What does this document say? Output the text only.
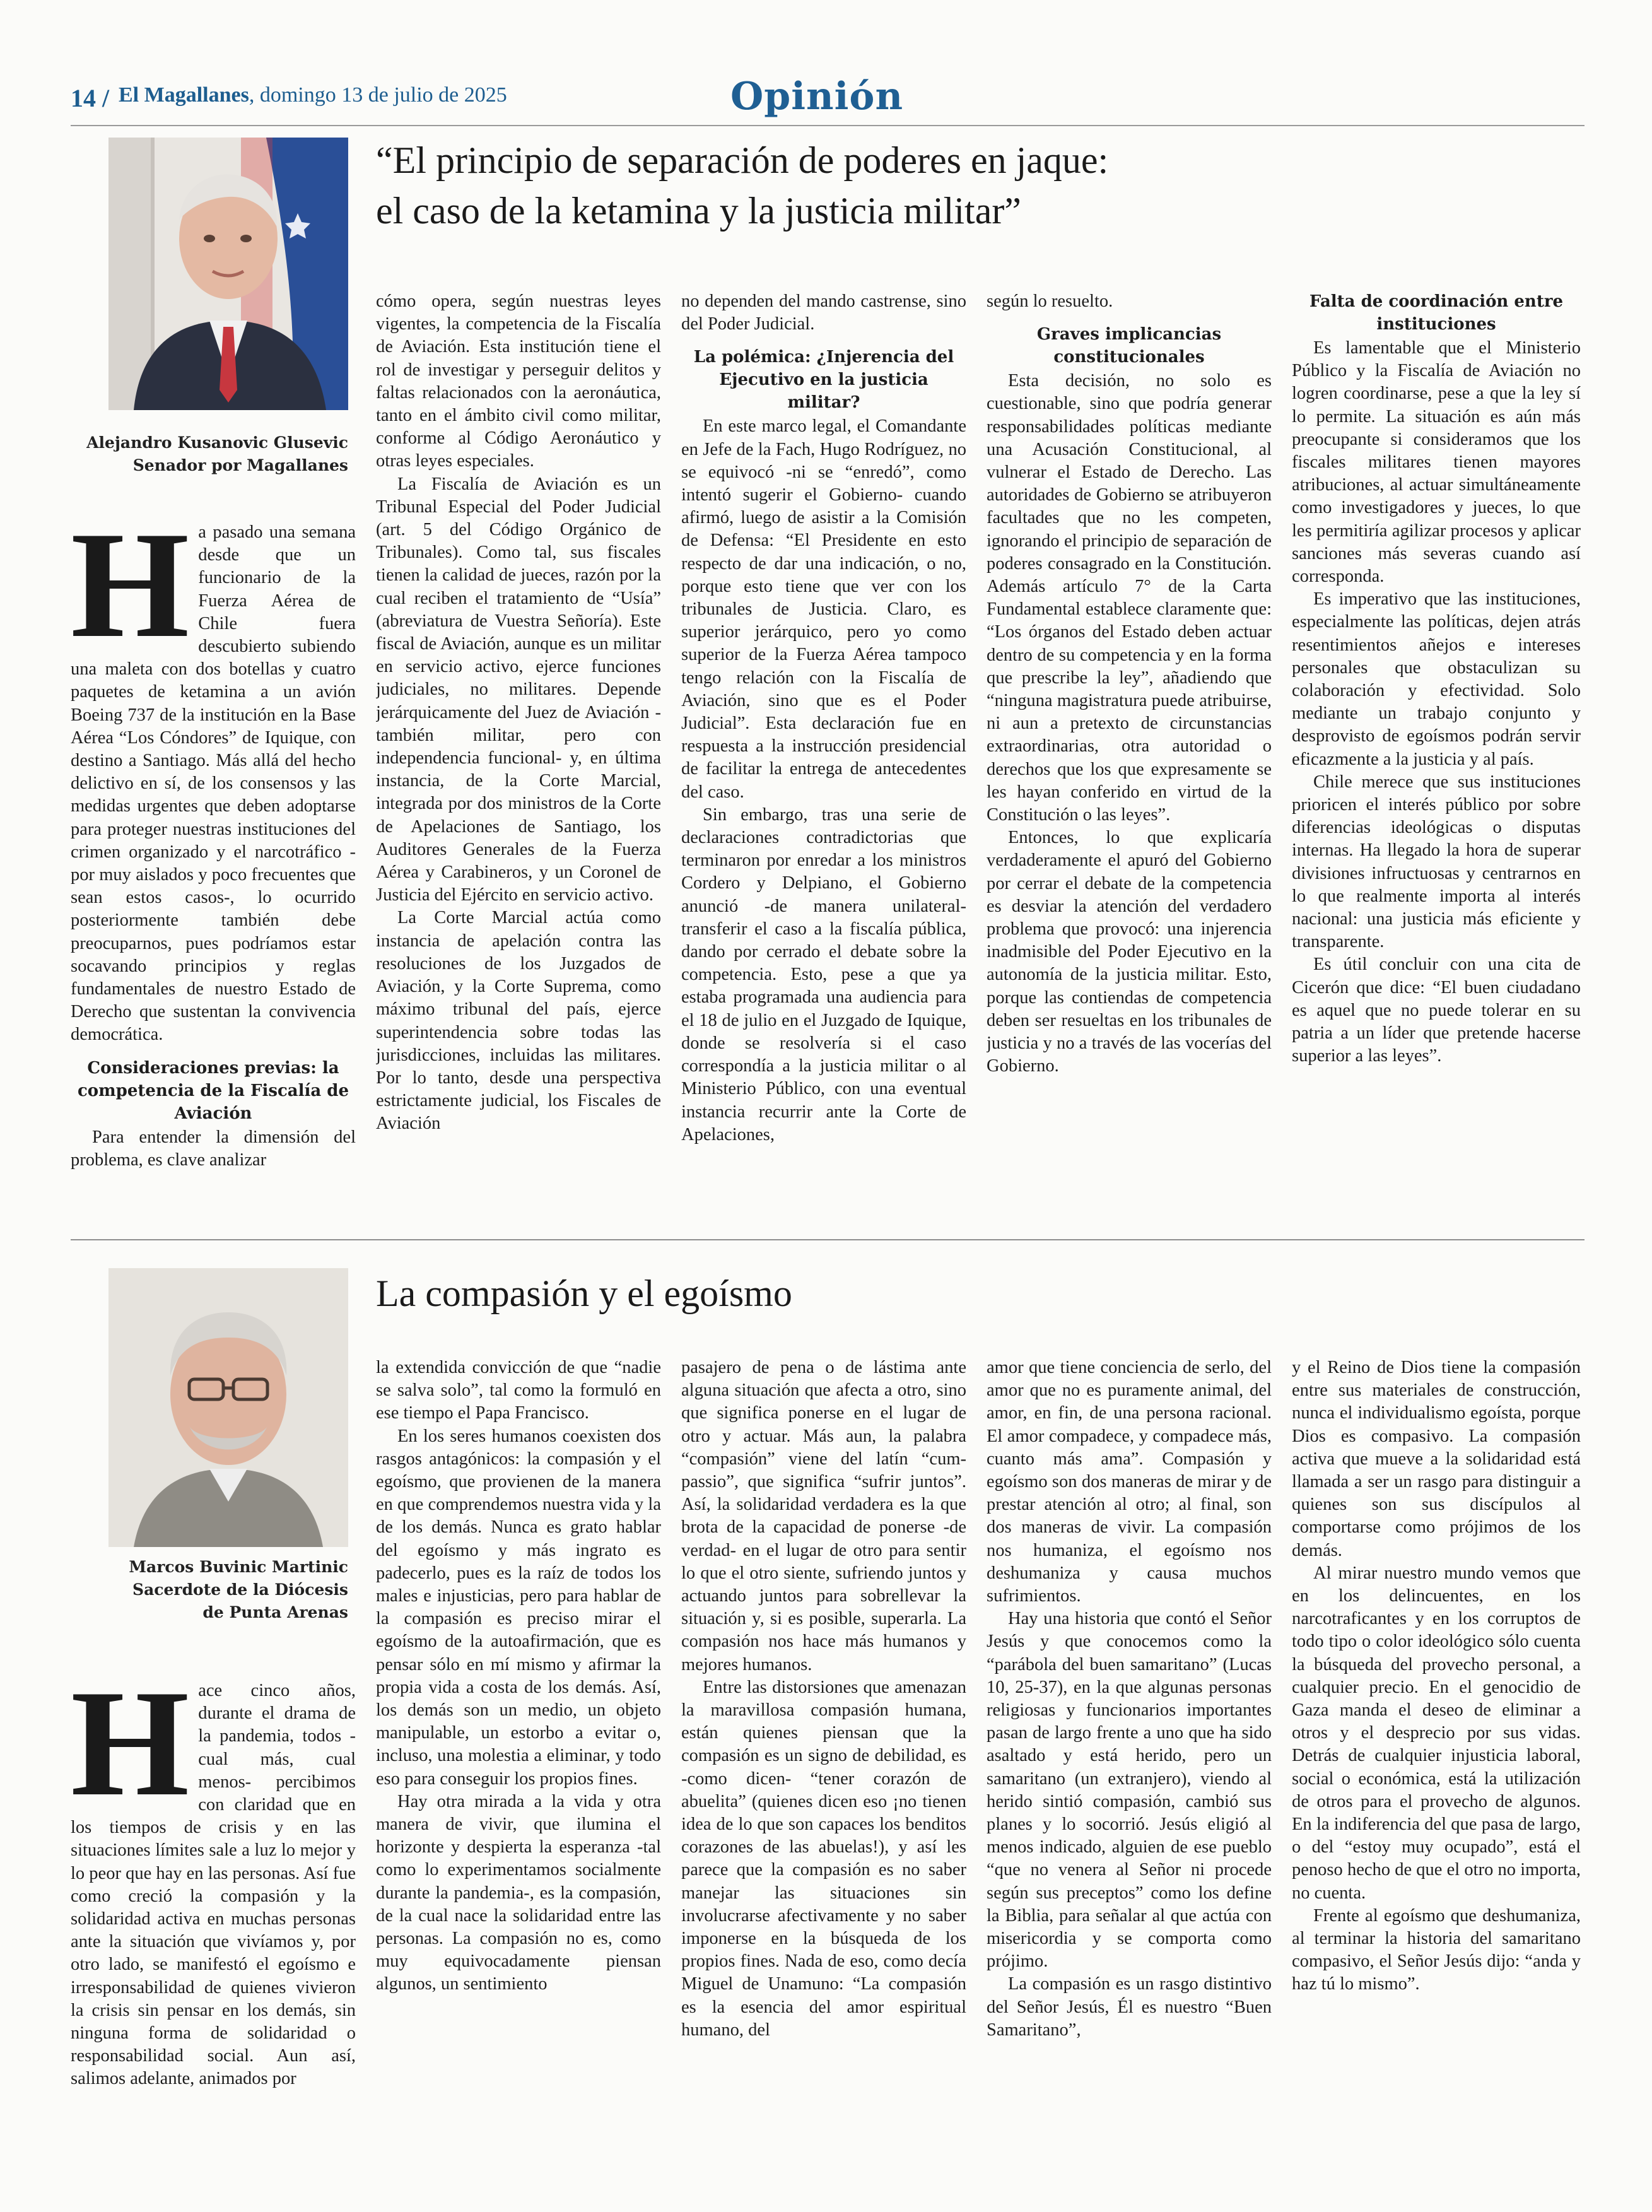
14 / El Magallanes, domingo 13 de julio de 2025	Opinión
Alejandro Kusanovic Glusevic
Senador por Magallanes
“El principio de separación de poderes en jaque:
el caso de la ketamina y la justicia militar”
H a pasado una semana desde que un funcionario de la Fuerza Aérea de Chile fuera descubierto subiendo una maleta con dos botellas y cuatro paquetes de ketamina a un avión Boeing 737 de la institución en la Base Aérea “Los Cóndores” de Iquique, con destino a Santiago. Más allá del hecho delictivo en sí, de los consensos y las medidas urgentes que deben adoptarse para proteger nuestras instituciones del crimen organizado y el narcotráfico -por muy aislados y poco frecuentes que sean estos casos-, lo ocurrido posteriormente también debe preocuparnos, pues podríamos estar socavando principios y reglas fundamentales de nuestro Estado de Derecho que sustentan la convivencia democrática.

Consideraciones previas: la competencia de la Fiscalía de Aviación

Para entender la dimensión del problema, es clave analizar

cómo opera, según nuestras leyes vigentes, la competencia de la Fiscalía de Aviación. Esta institución tiene el rol de investigar y perseguir delitos y faltas relacionados con la aeronáutica, tanto en el ámbito civil como militar, conforme al Código Aeronáutico y otras leyes especiales.

La Fiscalía de Aviación es un Tribunal Especial del Poder Judicial (art. 5 del Código Orgánico de Tribunales). Como tal, sus fiscales tienen la calidad de jueces, razón por la cual reciben el tratamiento de “Usía” (abreviatura de Vuestra Señoría). Este fiscal de Aviación, aunque es un militar en servicio activo, ejerce funciones judiciales, no militares. Depende jerárquicamente del Juez de Aviación -también militar, pero con independencia funcional- y, en última instancia, de la Corte Marcial, integrada por dos ministros de la Corte de Apelaciones de Santiago, los Auditores Generales de la Fuerza Aérea y Carabineros, y un Coronel de Justicia del Ejército en servicio activo.

La Corte Marcial actúa como instancia de apelación contra las resoluciones de los Juzgados de Aviación, y la Corte Suprema, como máximo tribunal del país, ejerce superintendencia sobre todas las jurisdicciones, incluidas las militares. Por lo tanto, desde una perspectiva estrictamente judicial, los Fiscales de Aviación

no dependen del mando castrense, sino del Poder Judicial.

La polémica: ¿Injerencia del Ejecutivo en la justicia militar?

En este marco legal, el Comandante en Jefe de la Fach, Hugo Rodríguez, no se equivocó -ni se “enredó”, como intentó sugerir el Gobierno- cuando afirmó, luego de asistir a la Comisión de Defensa: “El Presidente en esto respecto de dar una indicación, o no, porque esto tiene que ver con los tribunales de Justicia. Claro, es superior jerárquico, pero yo como superior de la Fuerza Aérea tampoco tengo relación con la Fiscalía de Aviación, sino que es el Poder Judicial”. Esta declaración fue en respuesta a la instrucción presidencial de facilitar la entrega de antecedentes del caso.

Sin embargo, tras una serie de declaraciones contradictorias que terminaron por enredar a los ministros Cordero y Delpiano, el Gobierno anunció -de manera unilateral- transferir el caso a la fiscalía pública, dando por cerrado el debate sobre la competencia. Esto, pese a que ya estaba programada una audiencia para el 18 de julio en el Juzgado de Iquique, donde se resolvería si el caso correspondía a la justicia militar o al Ministerio Público, con una eventual instancia recurrir ante la Corte de Apelaciones,

según lo resuelto.

Graves implicancias constitucionales

Esta decisión, no solo es cuestionable, sino que podría generar responsabilidades políticas mediante una Acusación Constitucional, al vulnerar el Estado de Derecho. Las autoridades de Gobierno se atribuyeron facultades que no les competen, ignorando el principio de separación de poderes consagrado en la Constitución. Además artículo 7° de la Carta Fundamental establece claramente que: “Los órganos del Estado deben actuar dentro de su competencia y en la forma que prescribe la ley”, añadiendo que “ninguna magistratura puede atribuirse, ni aun a pretexto de circunstancias extraordinarias, otra autoridad o derechos que los que expresamente se les hayan conferido en virtud de la Constitución o las leyes”.

Entonces, lo que explicaría verdaderamente el apuró del Gobierno por cerrar el debate de la competencia es desviar la atención del verdadero problema que provocó: una injerencia inadmisible del Poder Ejecutivo en la autonomía de la justicia militar. Esto, porque las contiendas de competencia deben ser resueltas en los tribunales de justicia y no a través de las vocerías del Gobierno.

Falta de coordinación entre instituciones

Es lamentable que el Ministerio Público y la Fiscalía de Aviación no logren coordinarse, pese a que la ley sí lo permite. La situación es aún más preocupante si consideramos que los fiscales militares tienen mayores atribuciones, al actuar simultáneamente como investigadores y jueces, lo que les permitiría agilizar procesos y aplicar sanciones más severas cuando así corresponda.

Es imperativo que las instituciones, especialmente las políticas, dejen atrás resentimientos añejos e intereses personales que obstaculizan su colaboración y efectividad. Solo mediante un trabajo conjunto y desprovisto de egoísmos podrán servir eficazmente a la justicia y al país.

Chile merece que sus instituciones prioricen el interés público por sobre diferencias ideológicas o disputas internas. Ha llegado la hora de superar divisiones infructuosas y centrarnos en lo que realmente importa al interés nacional: una justicia más eficiente y transparente.

Es útil concluir con una cita de Cicerón que dice: “El buen ciudadano es aquel que no puede tolerar en su patria a un líder que pretende hacerse superior a las leyes”.

Marcos Buvinic Martinic
Sacerdote de la Diócesis
de Punta Arenas
La compasión y el egoísmo
H ace cinco años, durante el drama de la pandemia, todos -cual más, cual menos- percibimos con claridad que en los tiempos de crisis y en las situaciones límites sale a luz lo mejor y lo peor que hay en las personas. Así fue como creció la compasión y la solidaridad activa en muchas personas ante la situación que vivíamos y, por otro lado, se manifestó el egoísmo e irresponsabilidad de quienes vivieron la crisis sin pensar en los demás, sin ninguna forma de solidaridad o responsabilidad social. Aun así, salimos adelante, animados por

la extendida convicción de que “nadie se salva solo”, tal como la formuló en ese tiempo el Papa Francisco.

En los seres humanos coexisten dos rasgos antagónicos: la compasión y el egoísmo, que provienen de la manera en que comprendemos nuestra vida y la de los demás. Nunca es grato hablar del egoísmo y más ingrato es padecerlo, pues es la raíz de todos los males e injusticias, pero para hablar de la compasión es preciso mirar el egoísmo de la autoafirmación, que es pensar sólo en mí mismo y afirmar la propia vida a costa de los demás. Así, los demás son un medio, un objeto manipulable, un estorbo a evitar o, incluso, una molestia a eliminar, y todo eso para conseguir los propios fines.

Hay otra mirada a la vida y otra manera de vivir, que ilumina el horizonte y despierta la esperanza -tal como lo experimentamos socialmente durante la pandemia-, es la compasión, de la cual nace la solidaridad entre las personas. La compasión no es, como muy equivocadamente piensan algunos, un sentimiento

pasajero de pena o de lástima ante alguna situación que afecta a otro, sino que significa ponerse en el lugar de otro y actuar. Más aun, la palabra “compasión” viene del latín “cum-passio”, que significa “sufrir juntos”. Así, la solidaridad verdadera es la que brota de la capacidad de ponerse -de verdad- en el lugar de otro para sentir lo que el otro siente, sufriendo juntos y actuando juntos para sobrellevar la situación y, si es posible, superarla. La compasión nos hace más humanos y mejores humanos.

Entre las distorsiones que amenazan la maravillosa compasión humana, están quienes piensan que la compasión es un signo de debilidad, es -como dicen- “tener corazón de abuelita” (quienes dicen eso ¡no tienen idea de lo que son capaces los benditos corazones de las abuelas!), y así les parece que la compasión es no saber manejar las situaciones sin involucrarse afectivamente y no saber imponerse en la búsqueda de los propios fines. Nada de eso, como decía Miguel de Unamuno: “La compasión es la esencia del amor espiritual humano, del

amor que tiene conciencia de serlo, del amor que no es puramente animal, del amor, en fin, de una persona racional. El amor compadece, y compadece más, cuanto más ama”. Compasión y egoísmo son dos maneras de mirar y de prestar atención al otro; al final, son dos maneras de vivir. La compasión nos humaniza, el egoísmo nos deshumaniza y causa muchos sufrimientos.

Hay una historia que contó el Señor Jesús y que conocemos como la “parábola del buen samaritano” (Lucas 10, 25-37), en la que algunas personas religiosas y funcionarios importantes pasan de largo frente a uno que ha sido asaltado y está herido, pero un samaritano (un extranjero), viendo al herido sintió compasión, cambió sus planes y lo socorrió. Jesús eligió al menos indicado, alguien de ese pueblo “que no venera al Señor ni procede según sus preceptos” como los define la Biblia, para señalar al que actúa con misericordia y se comporta como prójimo.

La compasión es un rasgo distintivo del Señor Jesús, Él es nuestro “Buen Samaritano”,

y el Reino de Dios tiene la compasión entre sus materiales de construcción, nunca el individualismo egoísta, porque Dios es compasivo. La compasión activa que mueve a la solidaridad está llamada a ser un rasgo para distinguir a quienes son sus discípulos al comportarse como prójimos de los demás.

Al mirar nuestro mundo vemos que en los delincuentes, en los narcotraficantes y en los corruptos de todo tipo o color ideológico sólo cuenta la búsqueda del provecho personal, a cualquier precio. En el genocidio de Gaza manda el deseo de eliminar a otros y el desprecio por sus vidas. Detrás de cualquier injusticia laboral, social o económica, está la utilización de otros para el provecho de algunos. En la indiferencia del que pasa de largo, o del “estoy muy ocupado”, está el penoso hecho de que el otro no importa, no cuenta.

Frente al egoísmo que deshumaniza, al terminar la historia del samaritano compasivo, el Señor Jesús dijo: “anda y haz tú lo mismo”.
